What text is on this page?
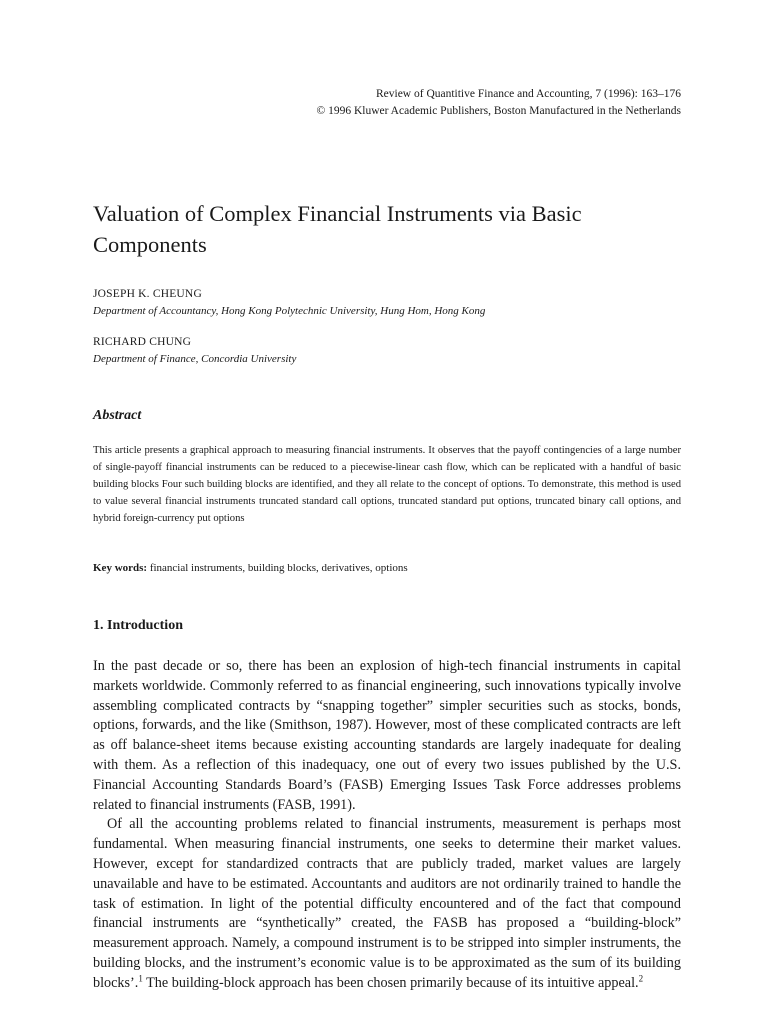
Review of Quantitive Finance and Accounting, 7 (1996): 163–176
© 1996 Kluwer Academic Publishers, Boston Manufactured in the Netherlands
Valuation of Complex Financial Instruments via Basic Components
JOSEPH K. CHEUNG
Department of Accountancy, Hong Kong Polytechnic University, Hung Hom, Hong Kong
RICHARD CHUNG
Department of Finance, Concordia University
Abstract

This article presents a graphical approach to measuring financial instruments. It observes that the payoff contingencies of a large number of single-payoff financial instruments can be reduced to a piecewise-linear cash flow, which can be replicated with a handful of basic building blocks Four such building blocks are identified, and they all relate to the concept of options. To demonstrate, this method is used to value several financial instruments truncated standard call options, truncated standard put options, truncated binary call options, and hybrid foreign-currency put options

Key words: financial instruments, building blocks, derivatives, options
1. Introduction

In the past decade or so, there has been an explosion of high-tech financial instruments in capital markets worldwide. Commonly referred to as financial engineering, such innovations typically involve assembling complicated contracts by “snapping together” simpler securities such as stocks, bonds, options, forwards, and the like (Smithson, 1987). However, most of these complicated contracts are left as off balance-sheet items because existing accounting standards are largely inadequate for dealing with them. As a reflection of this inadequacy, one out of every two issues published by the U.S. Financial Accounting Standards Board’s (FASB) Emerging Issues Task Force addresses problems related to financial instruments (FASB, 1991).

Of all the accounting problems related to financial instruments, measurement is perhaps most fundamental. When measuring financial instruments, one seeks to determine their market values. However, except for standardized contracts that are publicly traded, market values are largely unavailable and have to be estimated. Accountants and auditors are not ordinarily trained to handle the task of estimation. In light of the potential difficulty encountered and of the fact that compound financial instruments are “synthetically” created, the FASB has proposed a “building-block” measurement approach. Namely, a compound instrument is to be stripped into simpler instruments, the building blocks, and the instrument’s economic value is to be approximated as the sum of its building blocks’.$^1$ The building-block approach has been chosen primarily because of its intuitive appeal.$^2$
